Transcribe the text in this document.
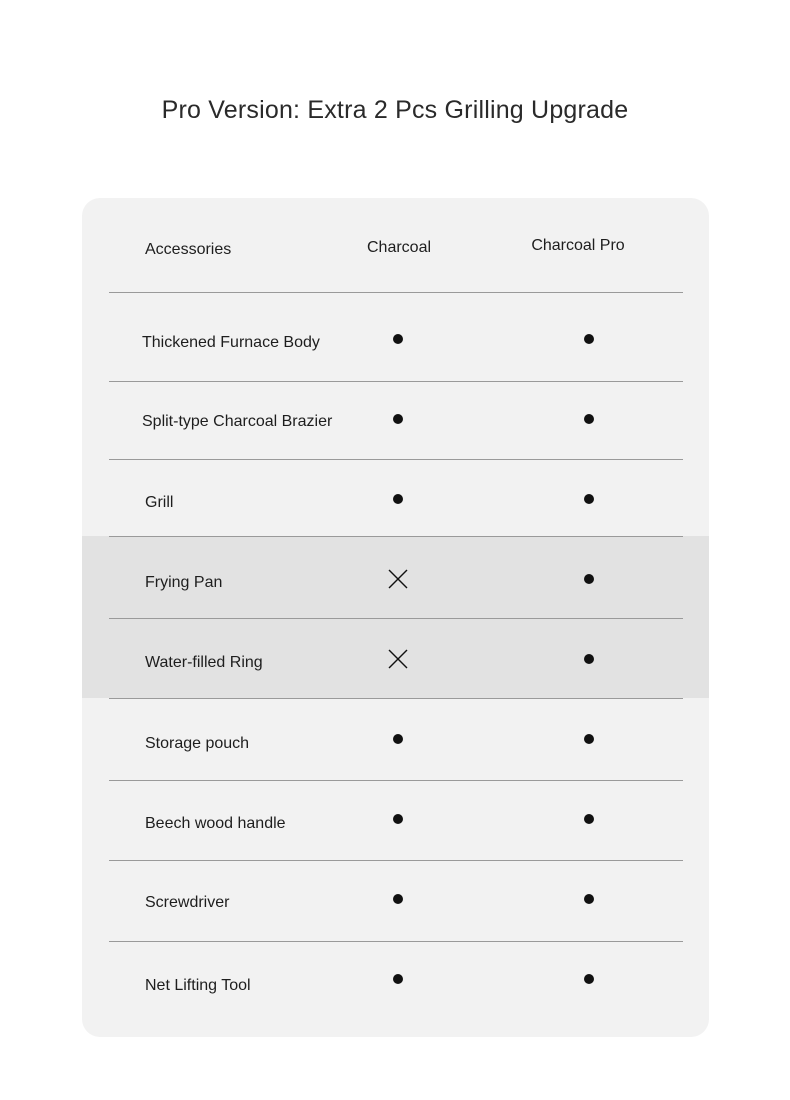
Pro Version: Extra 2 Pcs Grilling Upgrade
Accessories	Charcoal	Charcoal Pro
Thickened Furnace Body
Split-type Charcoal Brazier
Grill
Frying Pan
Water-filled Ring
Storage pouch
Beech wood handle
Screwdriver
Net Lifting Tool
